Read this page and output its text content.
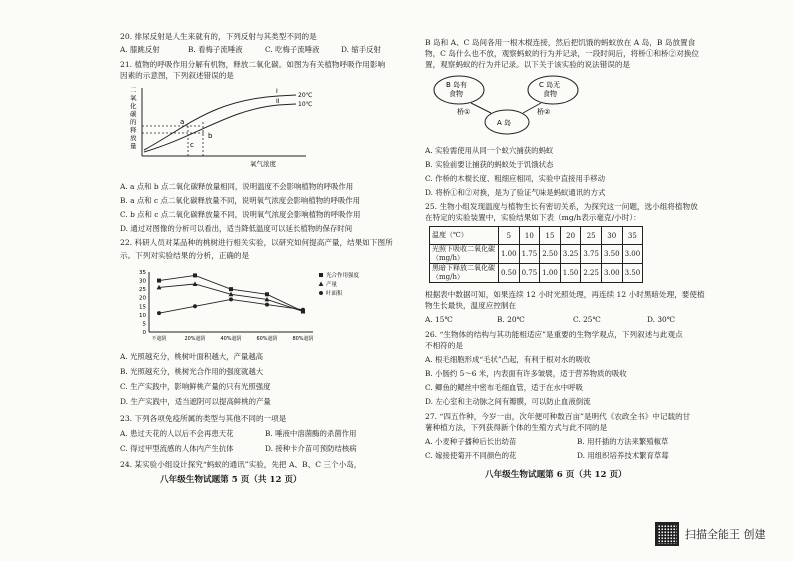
20. 排尿反射是人生来就有的，下列反射与其类型不同的是
A. 膝跳反射	B. 看梅子流唾液	C. 吃梅子流唾液	D. 缩手反射
21. 植物的呼吸作用分解有机物，释放二氧化碳。如图为有关植物呼吸作用影响
因素的示意图，下列叙述错误的是
二
氧
化
碳
的
释
放
量
a
b
c
I
II
20℃
10℃
氧气浓度
A. a 点和 b 点二氧化碳释放量相同，说明温度不会影响植物的呼吸作用
B. a 点和 c 点二氧化碳释放量不同，说明氧气浓度会影响植物的呼吸作用
C. b 点和 c 点二氧化碳释放量不同，说明氧气浓度会影响植物的呼吸作用
D. 通过对图像的分析可以看出，适当降低温度可以延长植物的保存时间
22. 科研人员对某品种的桃树进行相关实验，以研究如何提高产量，结果如下图所
示。下列对实验结果的分析，正确的是
0
5
10
15
20
25
30
35
不遮阴	20%遮阴	40%遮阴	60%遮阴	80%遮阴
光合作用强度
产量
叶面积
A. 光照越充分，桃树叶面积越大，产量越高
B. 光照越充分，桃树光合作用的强度就越大
C. 生产实践中，影响鲜桃产量的只有光照强度
D. 生产实践中，适当遮阴可以提高鲜桃的产量
23. 下列各项免疫所属的类型与其他不同的一项是
A. 患过天花的人以后不会再患天花	B. 唾液中溶菌酶的杀菌作用
C. 得过甲型流感的人体内产生抗体	D. 接种卡介苗可预防结核病
24. 某实验小组设计探究“蚂蚁的通讯”实验，先把 A、B、C 三个小岛，
八年级生物试题第 5 页（共 12 页）
B 岛和 A、C 岛间各用一根木棍连接，然后把饥饿的蚂蚁放在 A 岛，B 岛放置食
物，C 岛什么也不放，观察蚂蚁的行为并记录，一段时间后，将桥①和桥②对换位
置，观察蚂蚁的行为并记录。以下关于该实验的说法错误的是
B 岛有
食物
C 岛无
食物
A 岛
桥①	桥②
A. 实验需使用从同一个蚁穴捕获的蚂蚁
B. 实验前要让捕获的蚂蚁处于饥饿状态
C. 作桥的木棍长度、粗细应相同，实验中直接用手移动
D. 将桥①和②对换，是为了验证气味是蚂蚁通讯的方式
25. 生物小组发现温度与植物生长有密切关系，为探究这一问题，选小组将植物放
在特定的实验装置中，实验结果如下表（mg/h表示毫克/小时）：
温度（℃）	5	10	15	20	25	30	35
光照下吸收二氧化碳
（mg/h）	1.00	1.75	2.50	3.25	3.75	3.50	3.00
黑暗下释放二氧化碳
（mg/h）	0.50	0.75	1.00	1.50	2.25	3.00	3.50
根据表中数据可知，如果连续 12 小时光照处理，再连续 12 小时黑暗处理，要使植
物生长最快，温度应控制在
A. 15℃	B. 20℃	C. 25℃	D. 30℃
26. “生物体的结构与其功能相适应”是重要的生物学观点，下列叙述与此观点
不相符的是
A. 根毛细胞形成“毛状”凸起，有利于根对水的吸收
B. 小肠约 5～6 米，内表面有许多皱襞，适于营养物质的吸收
C. 鲫鱼的鳃丝中密布毛细血管，适于在水中呼吸
D. 左心室和主动脉之间有瓣膜，可以防止血液倒流
27. “四五作种，今岁一亩，次年便可种数百亩”是明代《农政全书》中记载的甘
薯种植方法，下列获得新个体的生殖方式与此不同的是
A. 小麦种子播种后长出幼苗	B. 用扦插的方法来繁殖椒草
C. 嫁接使菊开不同颜色的花	D. 用组织培养技术繁育草莓
八年级生物试题第 6 页（共 12 页）
扫描全能王 创建
